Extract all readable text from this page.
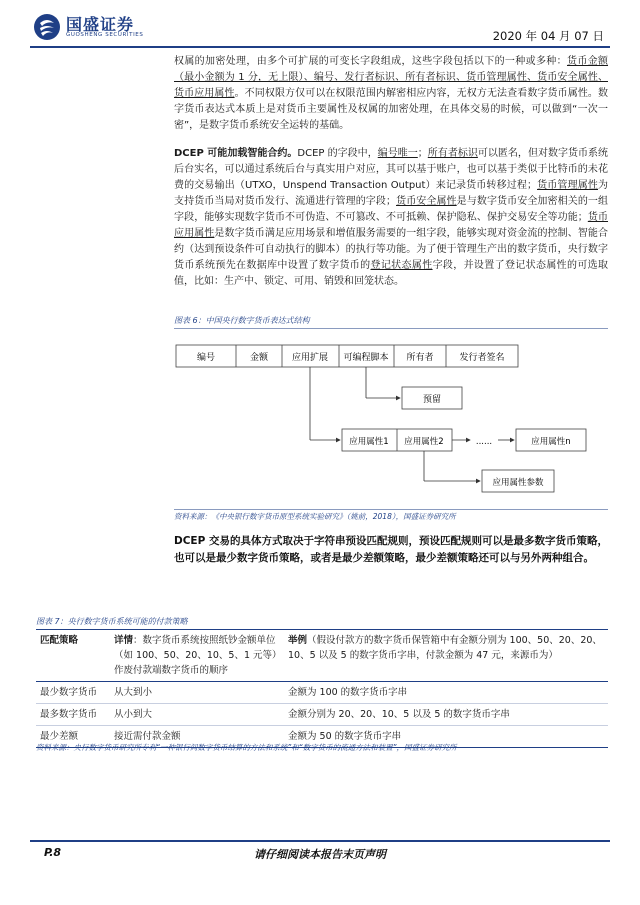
国盛证券
GUOSHENG SECURITIES	2020 年 04 月 07 日
权属的加密处理，由多个可扩展的可变长字段组成，这些字段包括以下的一种或多种：货币金额（最小金额为 1 分，无上限）、编号、发行者标识、所有者标识、货币管理属性、货币安全属性、货币应用属性。不同权限方仅可以在权限范围内解密相应内容，无权方无法查看数字货币属性。数字货币表达式本质上是对货币主要属性及权属的加密处理，在具体交易的时候，可以做到“一次一密”，是数字货币系统安全运转的基础。
DCEP 可能加载智能合约。DCEP 的字段中，编号唯一；所有者标识可以匿名，但对数字货币系统后台实名，可以通过系统后台与真实用户对应，其可以基于账户，也可以基于类似于比特币的未花费的交易输出（UTXO，Unspend Transaction Output）来记录货币转移过程；货币管理属性为支持货币当局对货币发行、流通进行管理的字段；货币安全属性是与数字货币安全加密相关的一组字段，能够实现数字货币不可伪造、不可篡改、不可抵赖、保护隐私、保护交易安全等功能；货币应用属性是数字货币满足应用场景和增值服务需要的一组字段，能够实现对资金流的控制、智能合约（达到预设条件可自动执行的脚本）的执行等功能。为了便于管理生产出的数字货币，央行数字货币系统预先在数据库中设置了数字货币的登记状态属性字段，并设置了登记状态属性的可选取值，比如：生产中、锁定、可用、销毁和回笼状态。
图表 6：中国央行数字货币表达式结构
编号	金额	应用扩展 可编程脚本 所有者	发行者签名
预留
应用属性1 应用属性2	......	应用属性n
应用属性参数
资料来源：《中央银行数字货币原型系统实验研究》（姚前，2018），国盛证券研究所
DCEP 交易的具体方式取决于字符串预设匹配规则，预设匹配规则可以是最多数字货币策略，也可以是最少数字货币策略，或者是最少差额策略，最少差额策略还可以与另外两种组合。
图表 7：央行数字货币系统可能的付款策略
匹配策略	详情：数字货币系统按照纸钞金额单位（如 100、50、20、10、5、1 元等）作废付款端数字货币的顺序	举例（假设付款方的数字货币保管箱中有金额分别为 100、50、20、20、10、5 以及 5 的数字货币字串，付款金额为 47 元，来源币为）
最少数字货币	从大到小	金额为 100 的数字货币字串
最多数字货币	从小到大	金额分别为 20、20、10、5 以及 5 的数字货币字串
最少差额	接近需付款金额	金额为 50 的数字货币字串
资料来源：央行数字货币研究所专利“一种银行间数字货币结算的方法和系统”和“数字货币的流通方法和装置”，国盛证券研究所
请仔细阅读本报告末页声明
P.8
